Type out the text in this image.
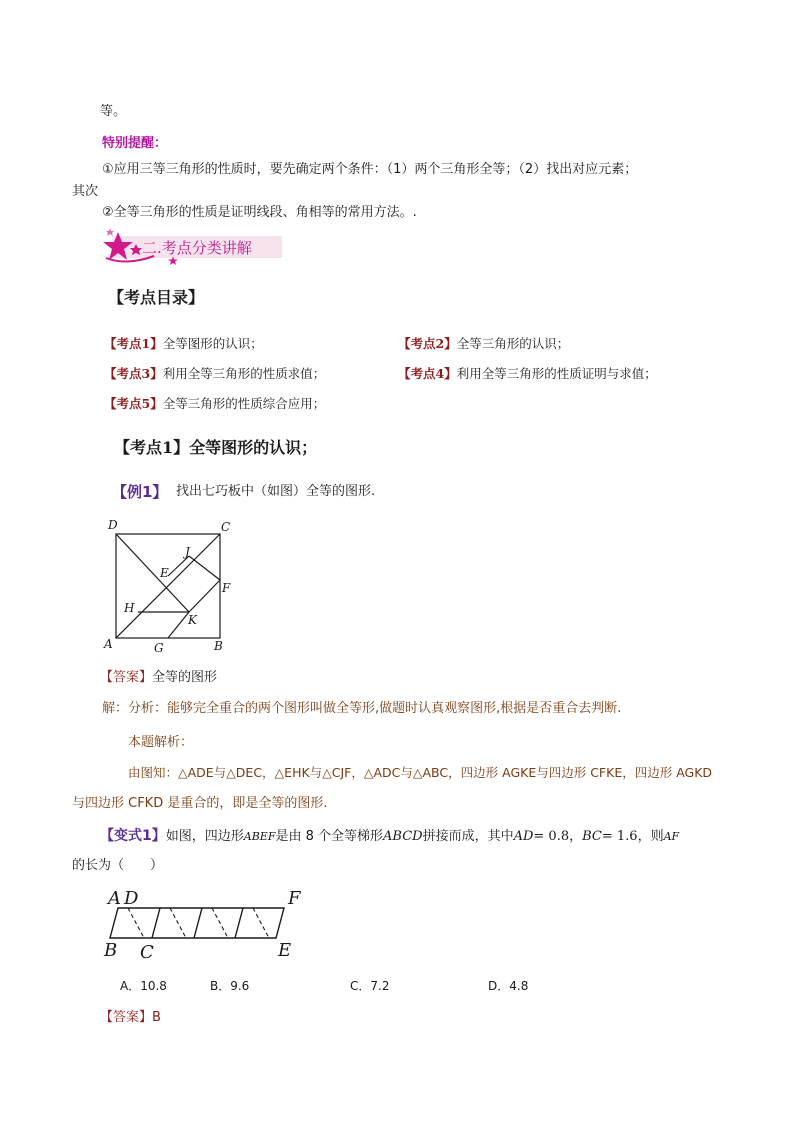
等。
特别提醒：
①应用三等三角形的性质时，要先确定两个条件：（1）两个三角形全等；（2）找出对应元素；
其次
②全等三角形的性质是证明线段、角相等的常用方法。.
二.考点分类讲解
【考点目录】
【考点1】全等图形的认识；	【考点2】全等三角形的认识；
【考点3】利用全等三角形的性质求值；	【考点4】利用全等三角形的性质证明与求值；
【考点5】全等三角形的性质综合应用；
【考点1】全等图形的认识；
【例1】 找出七巧板中（如图）全等的图形.
D	C
J
E
F
H
K
A	G	B
【答案】全等的图形
解：分析：能够完全重合的两个图形叫做全等形,做题时认真观察图形,根据是否重合去判断.
本题解析：
由图知：△ADE与△DEC，△EHK与△CJF，△ADC与△ABC，四边形 AGKE与四边形 CFKE，四边形 AGKD
与四边形 CFKD 是重合的，即是全等的图形.
【变式1】如图，四边形ABEF是由 8 个全等梯形ABCD拼接而成，其中AD= 0.8，BC= 1.6，则AF
的长为（　　）
A D	F
B C	E
A．10.8	B．9.6	C．7.2	D．4.8
【答案】B
